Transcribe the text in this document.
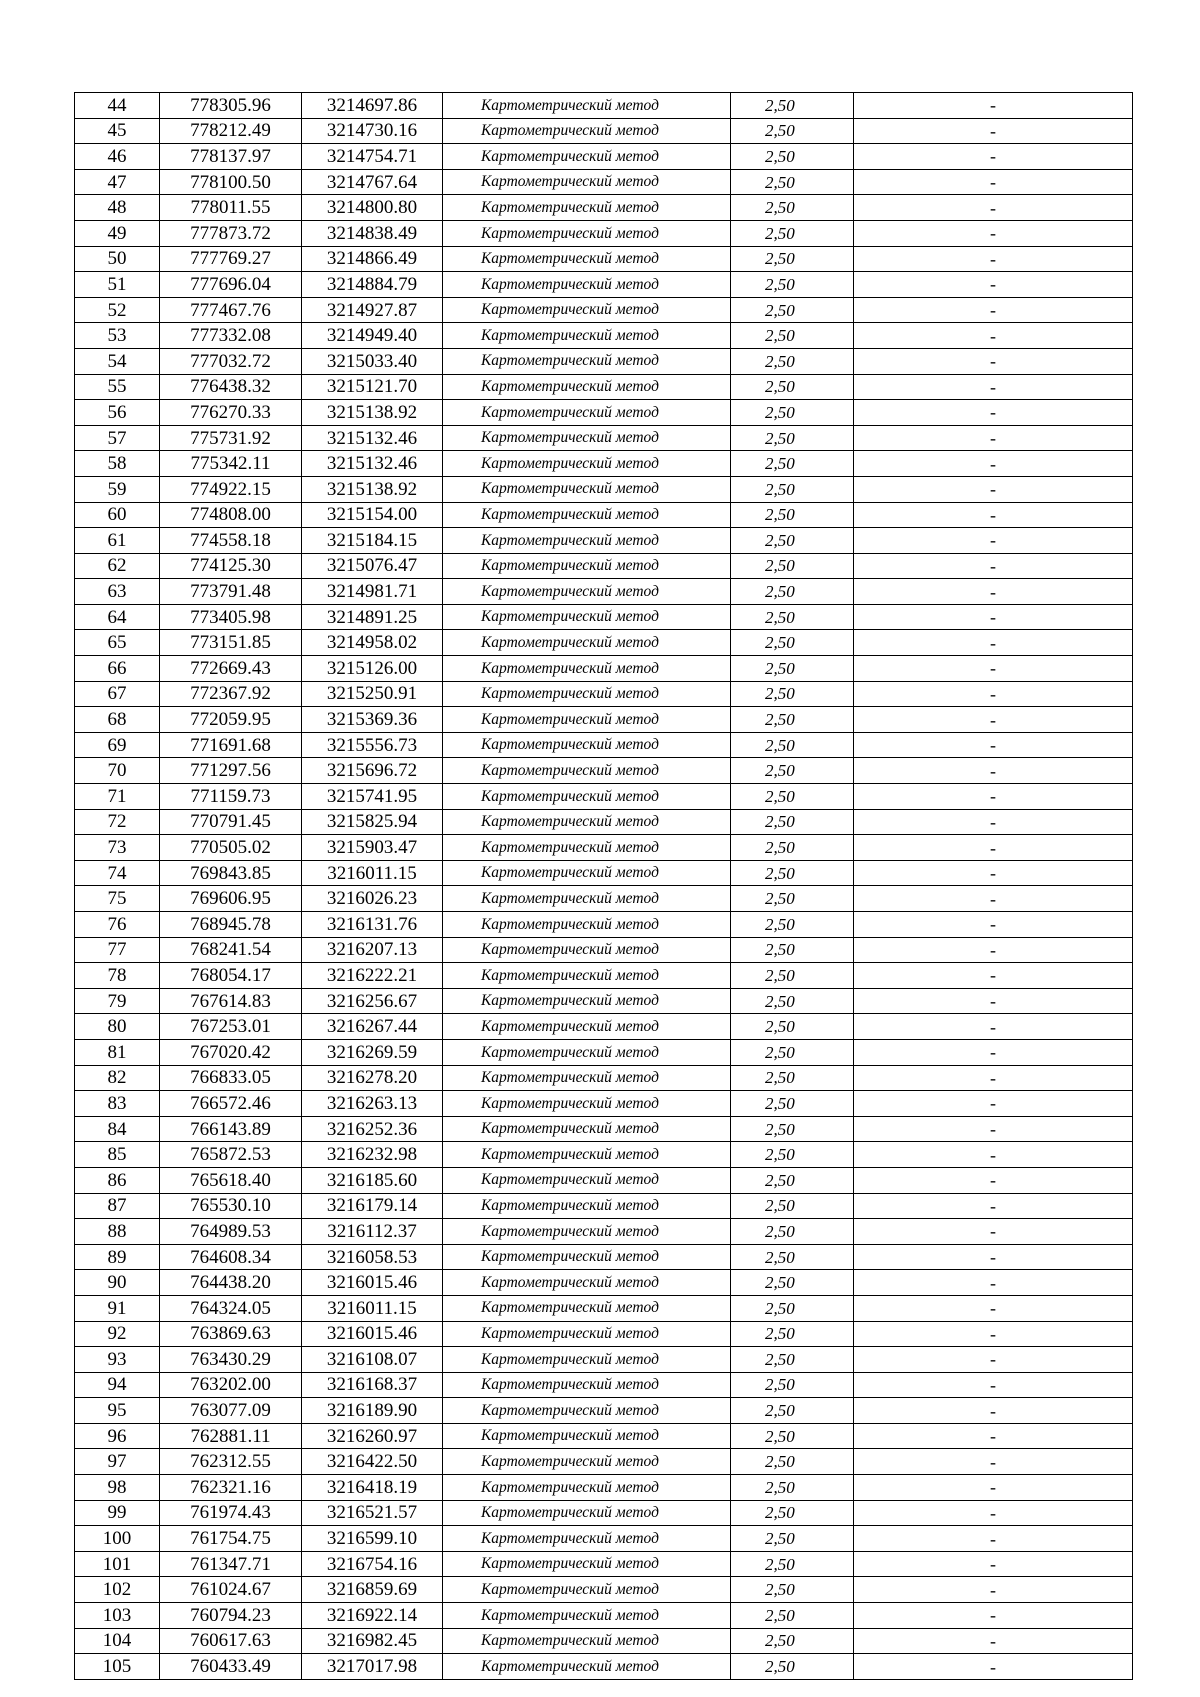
44	778305.96	3214697.86	Картометрический метод	2,50	-
45	778212.49	3214730.16	Картометрический метод	2,50	-
46	778137.97	3214754.71	Картометрический метод	2,50	-
47	778100.50	3214767.64	Картометрический метод	2,50	-
48	778011.55	3214800.80	Картометрический метод	2,50	-
49	777873.72	3214838.49	Картометрический метод	2,50	-
50	777769.27	3214866.49	Картометрический метод	2,50	-
51	777696.04	3214884.79	Картометрический метод	2,50	-
52	777467.76	3214927.87	Картометрический метод	2,50	-
53	777332.08	3214949.40	Картометрический метод	2,50	-
54	777032.72	3215033.40	Картометрический метод	2,50	-
55	776438.32	3215121.70	Картометрический метод	2,50	-
56	776270.33	3215138.92	Картометрический метод	2,50	-
57	775731.92	3215132.46	Картометрический метод	2,50	-
58	775342.11	3215132.46	Картометрический метод	2,50	-
59	774922.15	3215138.92	Картометрический метод	2,50	-
60	774808.00	3215154.00	Картометрический метод	2,50	-
61	774558.18	3215184.15	Картометрический метод	2,50	-
62	774125.30	3215076.47	Картометрический метод	2,50	-
63	773791.48	3214981.71	Картометрический метод	2,50	-
64	773405.98	3214891.25	Картометрический метод	2,50	-
65	773151.85	3214958.02	Картометрический метод	2,50	-
66	772669.43	3215126.00	Картометрический метод	2,50	-
67	772367.92	3215250.91	Картометрический метод	2,50	-
68	772059.95	3215369.36	Картометрический метод	2,50	-
69	771691.68	3215556.73	Картометрический метод	2,50	-
70	771297.56	3215696.72	Картометрический метод	2,50	-
71	771159.73	3215741.95	Картометрический метод	2,50	-
72	770791.45	3215825.94	Картометрический метод	2,50	-
73	770505.02	3215903.47	Картометрический метод	2,50	-
74	769843.85	3216011.15	Картометрический метод	2,50	-
75	769606.95	3216026.23	Картометрический метод	2,50	-
76	768945.78	3216131.76	Картометрический метод	2,50	-
77	768241.54	3216207.13	Картометрический метод	2,50	-
78	768054.17	3216222.21	Картометрический метод	2,50	-
79	767614.83	3216256.67	Картометрический метод	2,50	-
80	767253.01	3216267.44	Картометрический метод	2,50	-
81	767020.42	3216269.59	Картометрический метод	2,50	-
82	766833.05	3216278.20	Картометрический метод	2,50	-
83	766572.46	3216263.13	Картометрический метод	2,50	-
84	766143.89	3216252.36	Картометрический метод	2,50	-
85	765872.53	3216232.98	Картометрический метод	2,50	-
86	765618.40	3216185.60	Картометрический метод	2,50	-
87	765530.10	3216179.14	Картометрический метод	2,50	-
88	764989.53	3216112.37	Картометрический метод	2,50	-
89	764608.34	3216058.53	Картометрический метод	2,50	-
90	764438.20	3216015.46	Картометрический метод	2,50	-
91	764324.05	3216011.15	Картометрический метод	2,50	-
92	763869.63	3216015.46	Картометрический метод	2,50	-
93	763430.29	3216108.07	Картометрический метод	2,50	-
94	763202.00	3216168.37	Картометрический метод	2,50	-
95	763077.09	3216189.90	Картометрический метод	2,50	-
96	762881.11	3216260.97	Картометрический метод	2,50	-
97	762312.55	3216422.50	Картометрический метод	2,50	-
98	762321.16	3216418.19	Картометрический метод	2,50	-
99	761974.43	3216521.57	Картометрический метод	2,50	-
100	761754.75	3216599.10	Картометрический метод	2,50	-
101	761347.71	3216754.16	Картометрический метод	2,50	-
102	761024.67	3216859.69	Картометрический метод	2,50	-
103	760794.23	3216922.14	Картометрический метод	2,50	-
104	760617.63	3216982.45	Картометрический метод	2,50	-
105	760433.49	3217017.98	Картометрический метод	2,50	-
